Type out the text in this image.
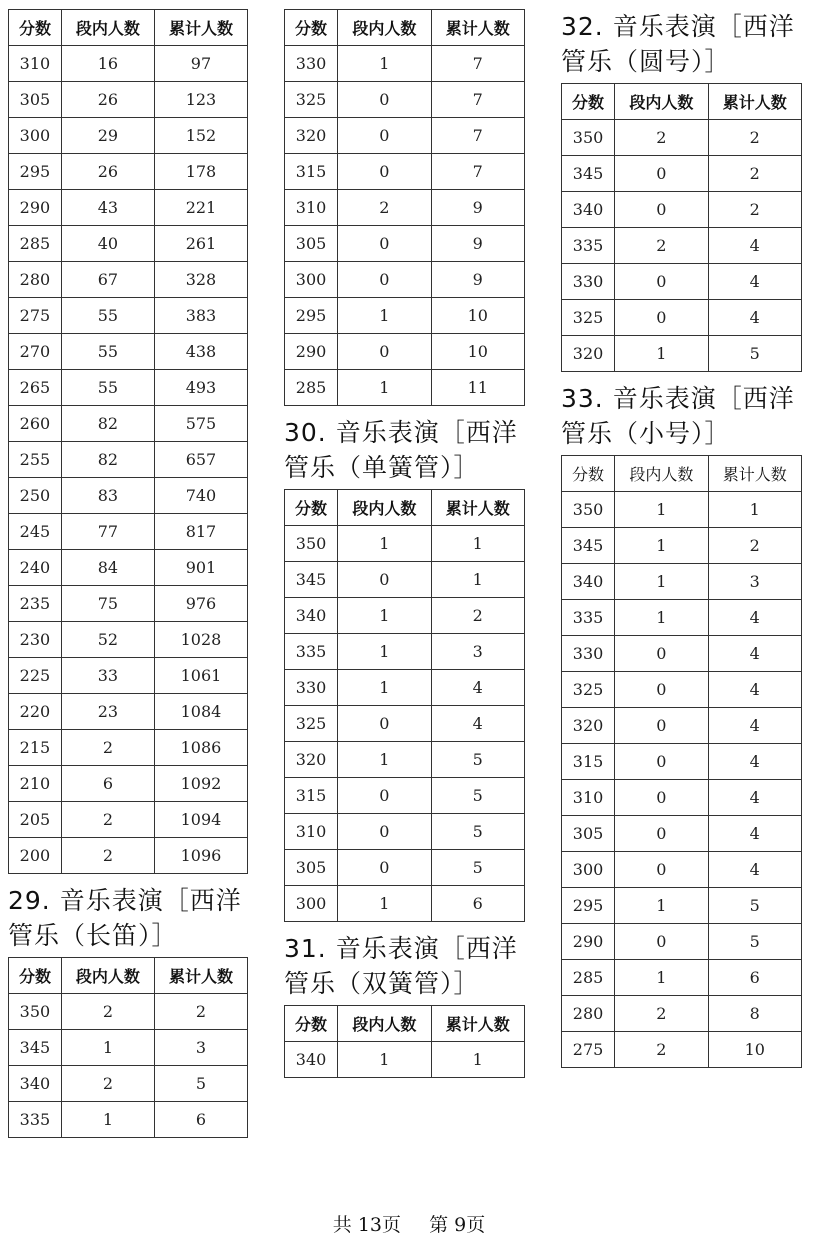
分数	段内人数	累计人数
310	16	97
305	26	123
300	29	152
295	26	178
290	43	221
285	40	261
280	67	328
275	55	383
270	55	438
265	55	493
260	82	575
255	82	657
250	83	740
245	77	817
240	84	901
235	75	976
230	52	1028
225	33	1061
220	23	1084
215	2	1086
210	6	1092
205	2	1094
200	2	1096
29. 音乐表演［西洋管乐（长笛）］
分数	段内人数	累计人数
350	2	2
345	1	3
340	2	5
335	1	6
分数	段内人数	累计人数
330	1	7
325	0	7
320	0	7
315	0	7
310	2	9
305	0	9
300	0	9
295	1	10
290	0	10
285	1	11
30. 音乐表演［西洋管乐（单簧管）］
分数	段内人数	累计人数
350	1	1
345	0	1
340	1	2
335	1	3
330	1	4
325	0	4
320	1	5
315	0	5
310	0	5
305	0	5
300	1	6
31. 音乐表演［西洋管乐（双簧管）］
分数	段内人数	累计人数
340	1	1
32. 音乐表演［西洋管乐（圆号）］
分数	段内人数	累计人数
350	2	2
345	0	2
340	0	2
335	2	4
330	0	4
325	0	4
320	1	5
33. 音乐表演［西洋管乐（小号）］
分数	段内人数	累计人数
350	1	1
345	1	2
340	1	3
335	1	4
330	0	4
325	0	4
320	0	4
315	0	4
310	0	4
305	0	4
300	0	4
295	1	5
290	0	5
285	1	6
280	2	8
275	2	10
共 13页 第 9页
